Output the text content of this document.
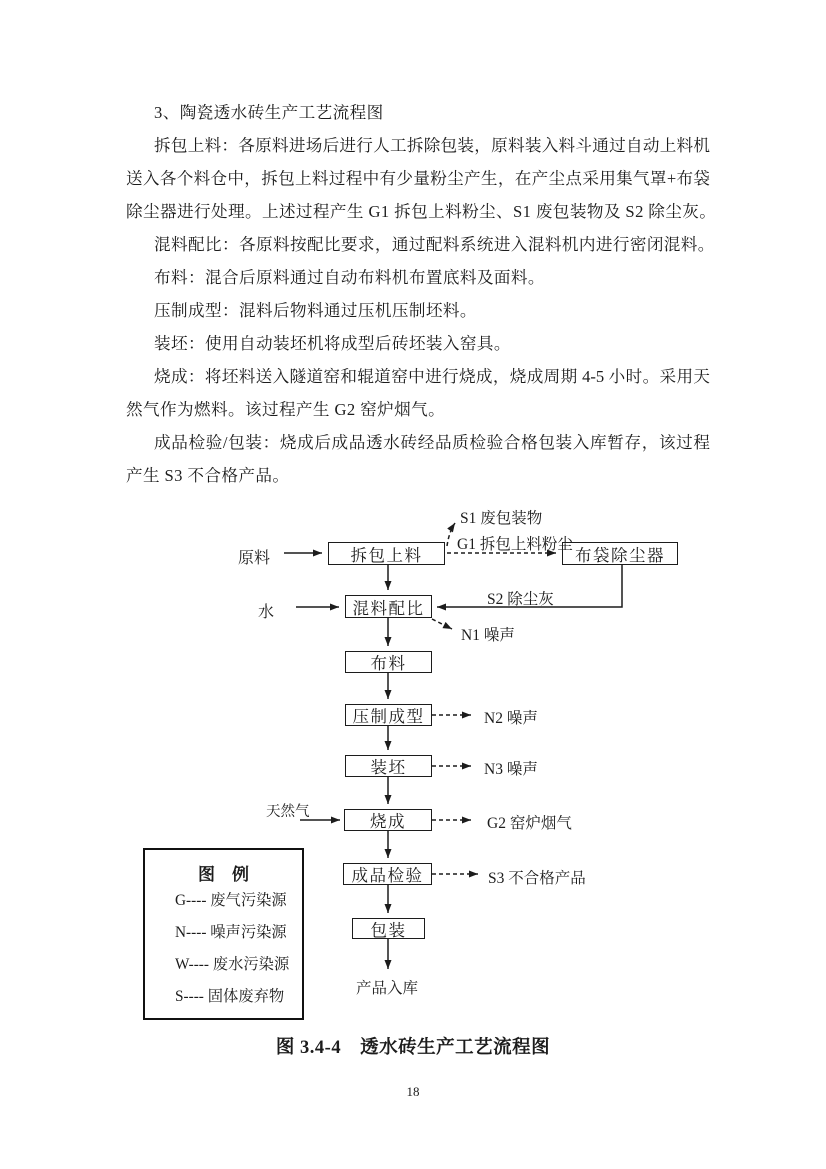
3、陶瓷透水砖生产工艺流程图
拆包上料：各原料进场后进行人工拆除包装，原料装入料斗通过自动上料机
送入各个料仓中，拆包上料过程中有少量粉尘产生，在产尘点采用集气罩+布袋
除尘器进行处理。上述过程产生 G1 拆包上料粉尘、S1 废包装物及 S2 除尘灰。
混料配比：各原料按配比要求，通过配料系统进入混料机内进行密闭混料。
布料：混合后原料通过自动布料机布置底料及面料。
压制成型：混料后物料通过压机压制坯料。
装坯：使用自动装坯机将成型后砖坯装入窑具。
烧成：将坯料送入隧道窑和辊道窑中进行烧成，烧成周期 4-5 小时。采用天
然气作为燃料。该过程产生 G2 窑炉烟气。
成品检验/包装：烧成后成品透水砖经品质检验合格包装入库暂存，该过程
产生 S3 不合格产品。
拆包上料	布袋除尘器
混料配比
布料
压制成型
装坯
烧成
成品检验
包装
原料
水
天然气
S1 废包装物
G1 拆包上料粉尘
S2 除尘灰
N1 噪声
N2 噪声
N3 噪声
G2 窑炉烟气
S3 不合格产品
产品入库
图　例
G---- 废气污染源
N---- 噪声污染源
W---- 废水污染源
S---- 固体废弃物
图 3.4-4　透水砖生产工艺流程图
18
